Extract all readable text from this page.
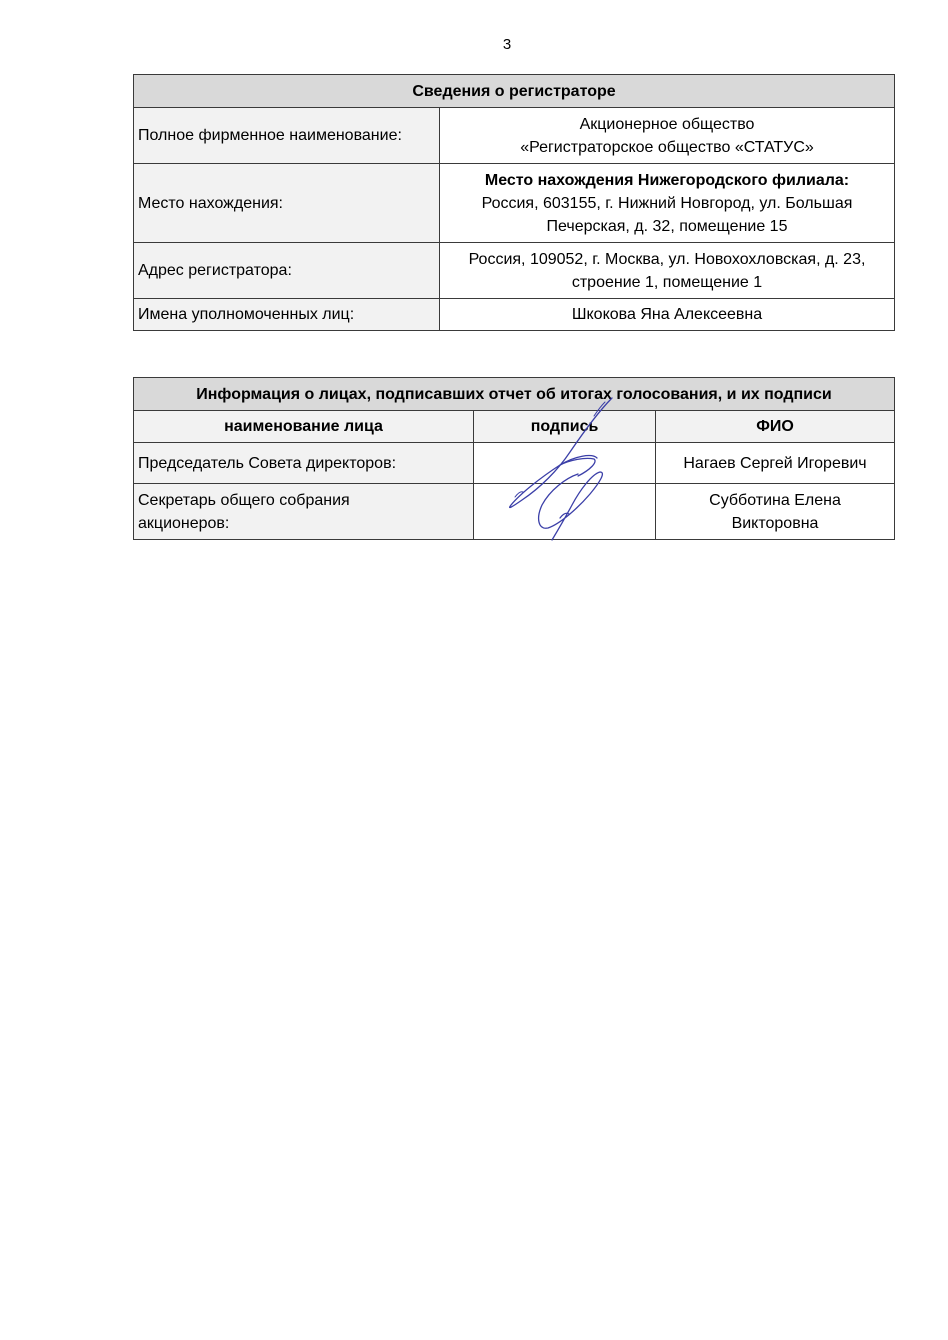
3
Сведения о регистраторе	
Полное фирменное наименование:	Акционерное общество
«Регистраторское общество «СТАТУС»

Место нахождения:	Место нахождения Нижегородского филиала:
Россия, 603155, г. Нижний Новгород, ул. Большая
Печерская, д. 32, помещение 15

Адрес регистратора:	Россия, 109052, г. Москва, ул. Новохохловская, д. 23,
строение 1, помещение 1

Имена уполномоченных лиц:	Шкокова Яна Алексеевна
Информация о лицах, подписавших отчет об итогах голосования, и их подписи		
наименование лица	подпись	ФИО
Председатель Совета директоров:		Нагаев Сергей Игоревич

Секретарь общего собрания
акционеров:		Субботина Елена
Викторовна
